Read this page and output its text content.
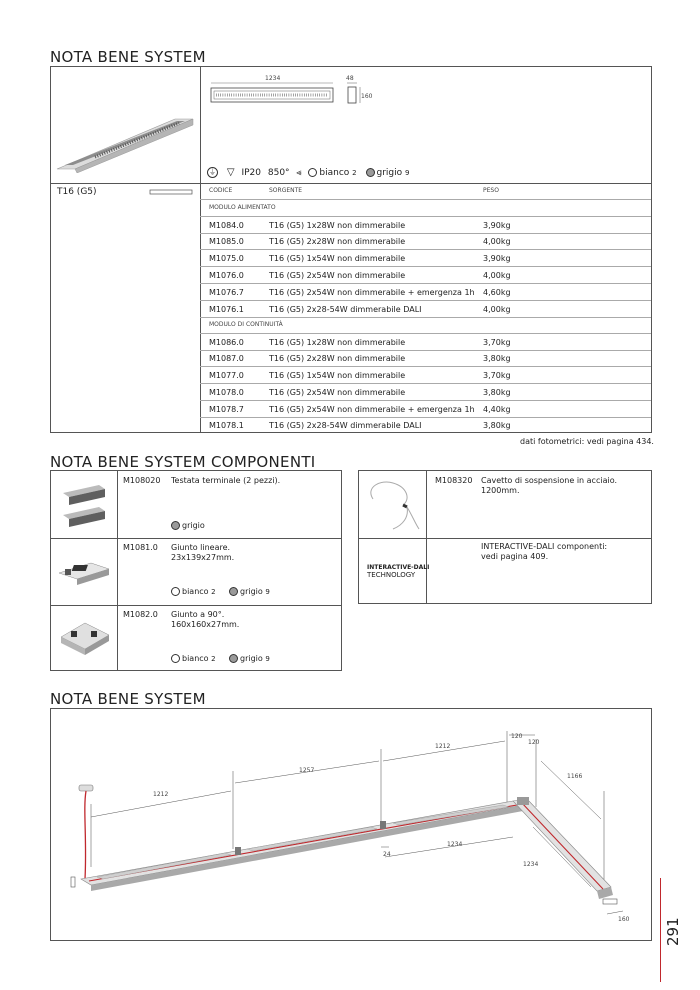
NOTA BENE SYSTEM
1234	48
160
⏚ ▽ IP20 850° ⪡ bianco 2 grigio 9
T16 (G5)	CODICE	SORGENTE	PESO
MODULO ALIMENTATO
M1084.0	T16 (G5) 1x28W non dimmerabile	3,90kg
M1085.0	T16 (G5) 2x28W non dimmerabile	4,00kg
M1075.0	T16 (G5) 1x54W non dimmerabile	3,90kg
M1076.0	T16 (G5) 2x54W non dimmerabile	4,00kg
M1076.7	T16 (G5) 2x54W non dimmerabile + emergenza 1h 4,60kg
M1076.1	T16 (G5) 2x28-54W dimmerabile DALI	4,00kg
MODULO DI CONTINUITÀ
M1086.0	T16 (G5) 1x28W non dimmerabile	3,70kg
M1087.0	T16 (G5) 2x28W non dimmerabile	3,80kg
M1077.0	T16 (G5) 1x54W non dimmerabile	3,70kg
M1078.0	T16 (G5) 2x54W non dimmerabile	3,80kg
M1078.7	T16 (G5) 2x54W non dimmerabile + emergenza 1h 4,40kg
M1078.1	T16 (G5) 2x28-54W dimmerabile DALI	3,80kg
dati fotometrici: vedi pagina 434.
NOTA BENE SYSTEM COMPONENTI
M108020 Testata terminale (2 pezzi).
grigio
M1081.0 Giunto lineare.
23x139x27mm.
bianco 2	grigio 9
M1082.0 Giunto a 90°.
160x160x27mm.
bianco 2	grigio 9
M108320 Cavetto di sospensione in acciaio.
1200mm.
INTERACTIVE-DALI
TECHNOLOGY
INTERACTIVE-DALI componenti:
vedi pagina 409.
NOTA BENE SYSTEM
1212
1257
1212
120
120
1166
1234
1234
24
160 291
